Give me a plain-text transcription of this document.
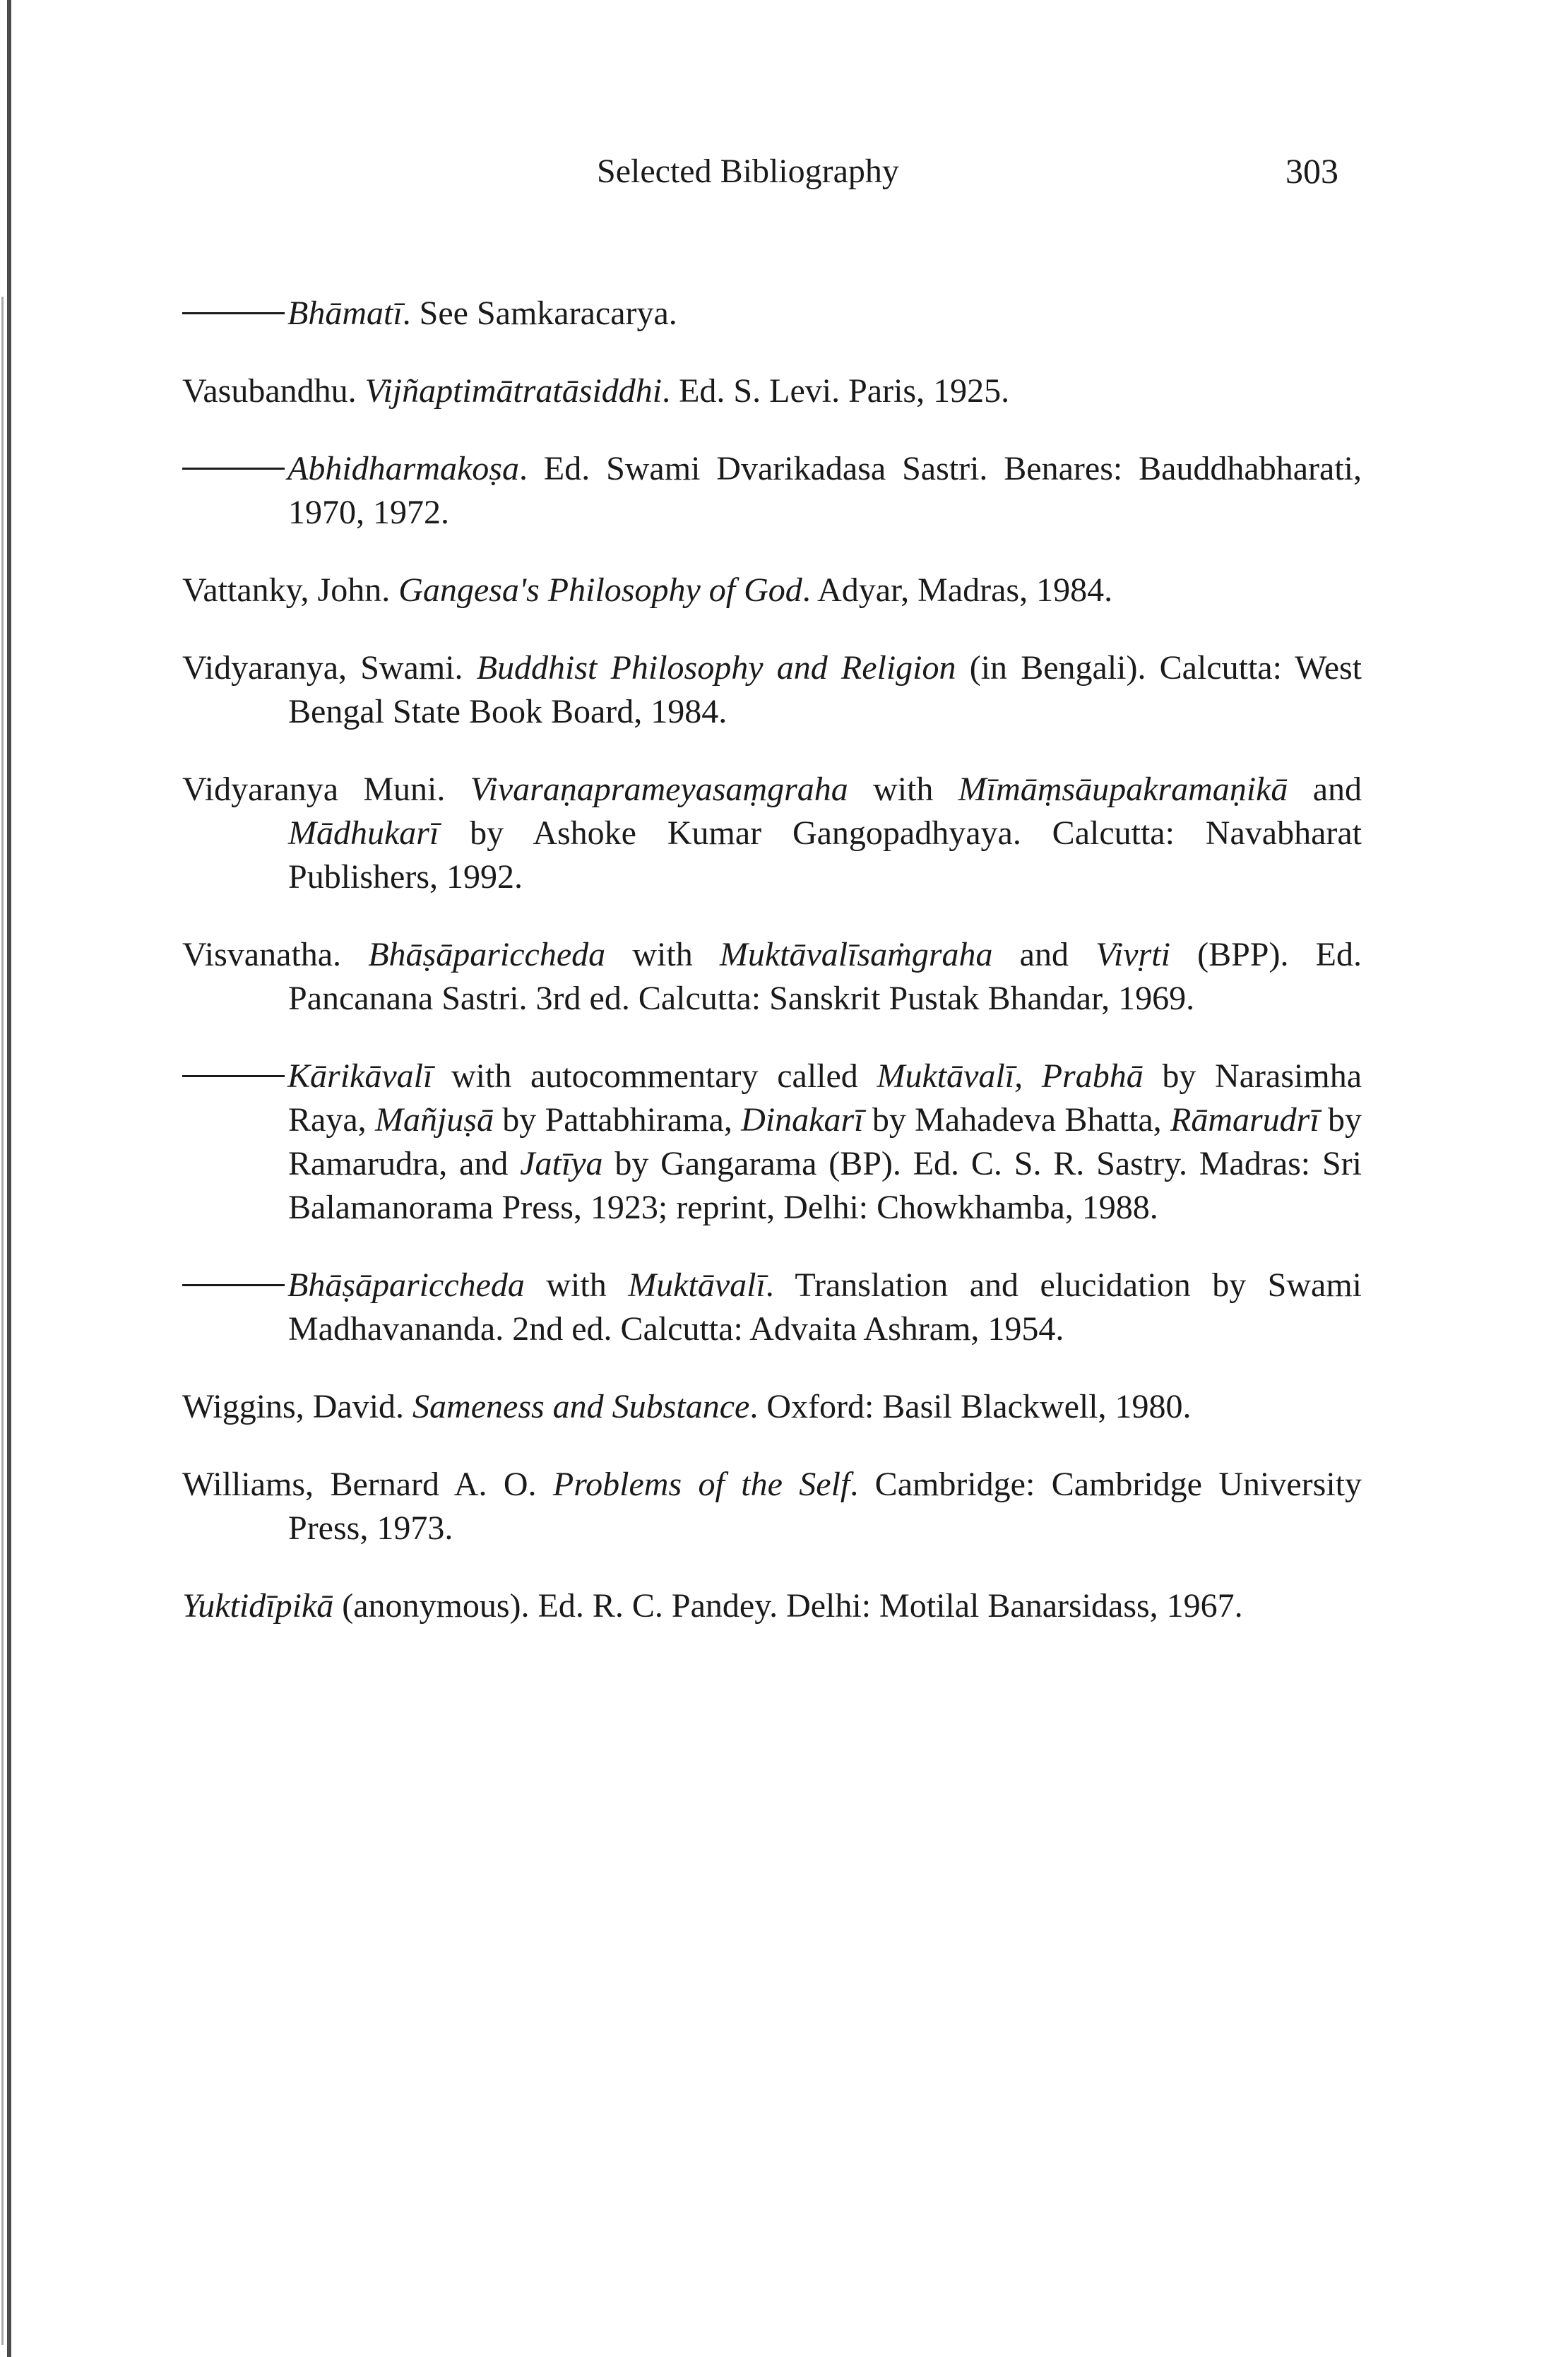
Selected Bibliography	303

Bhāmatī. See Samkaracarya.

Vasubandhu. Vijñaptimātratāsiddhi. Ed. S. Levi. Paris, 1925.

Abhidharmakoṣa. Ed. Swami Dvarikadasa Sastri. Benares: Bauddhabharati, 1970, 1972.

Vattanky, John. Gangesa's Philosophy of God. Adyar, Madras, 1984.

Vidyaranya, Swami. Buddhist Philosophy and Religion (in Bengali). Calcutta: West Bengal State Book Board, 1984.

Vidyaranya Muni. Vivaraṇaprameyasaṃgraha with Mīmāṃsāupakramaṇikā and Mādhukarī by Ashoke Kumar Gangopadhyaya. Calcutta: Navabharat Publishers, 1992.

Visvanatha. Bhāṣāpariccheda with Muktāvalīsaṁgraha and Vivṛti (BPP). Ed. Pancanana Sastri. 3rd ed. Calcutta: Sanskrit Pustak Bhandar, 1969.

Kārikāvalī with autocommentary called Muktāvalī, Prabhā by Narasimha Raya, Mañjuṣā by Pattabhirama, Dinakarī by Mahadeva Bhatta, Rāmarudrī by Ramarudra, and Jatīya by Gangarama (BP). Ed. C. S. R. Sastry. Madras: Sri Balamanorama Press, 1923; reprint, Delhi: Chowkhamba, 1988.

Bhāṣāpariccheda with Muktāvalī. Translation and elucidation by Swami Madhavananda. 2nd ed. Calcutta: Advaita Ashram, 1954.

Wiggins, David. Sameness and Substance. Oxford: Basil Blackwell, 1980.

Williams, Bernard A. O. Problems of the Self. Cambridge: Cambridge University Press, 1973.

Yuktidīpikā (anonymous). Ed. R. C. Pandey. Delhi: Motilal Banarsidass, 1967.
